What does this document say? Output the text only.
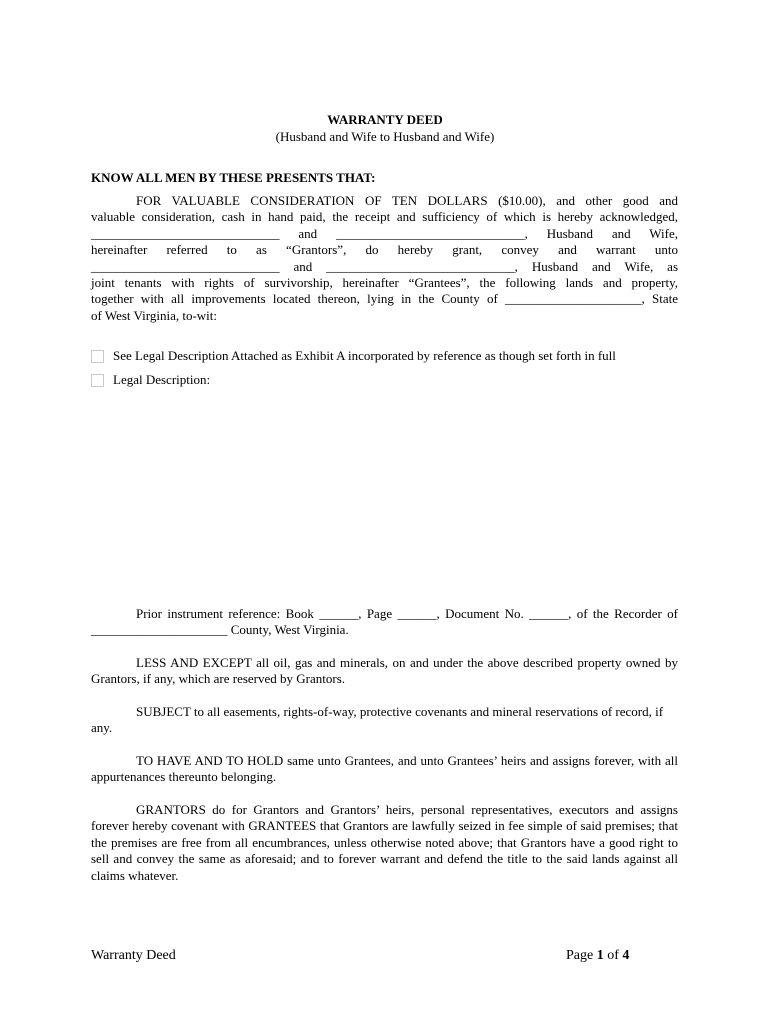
WARRANTY DEED
(Husband and Wife to Husband and Wife)
KNOW ALL MEN BY THESE PRESENTS THAT:
FOR VALUABLE CONSIDERATION OF TEN DOLLARS ($10.00), and other good and
valuable consideration, cash in hand paid, the receipt and sufficiency of which is hereby acknowledged,
_____________________________ and _____________________________, Husband and Wife,
hereinafter referred to as “Grantors”, do hereby grant, convey and warrant unto
_____________________________ and _____________________________, Husband and Wife, as
joint tenants with rights of survivorship, hereinafter “Grantees”, the following lands and property,
together with all improvements located thereon, lying in the County of _____________________, State
of West Virginia, to-wit:
See Legal Description Attached as Exhibit A incorporated by reference as though set forth in full
Legal Description:
Prior instrument reference: Book ______, Page ______, Document No. ______, of the Recorder of _____________________ County, West Virginia.
LESS AND EXCEPT all oil, gas and minerals, on and under the above described property owned by Grantors, if any, which are reserved by Grantors.
SUBJECT to all easements, rights-of-way, protective covenants and mineral reservations of record, if any.
TO HAVE AND TO HOLD same unto Grantees, and unto Grantees’ heirs and assigns forever, with all appurtenances thereunto belonging.
GRANTORS do for Grantors and Grantors’ heirs, personal representatives, executors and assigns forever hereby covenant with GRANTEES that Grantors are lawfully seized in fee simple of said premises; that the premises are free from all encumbrances, unless otherwise noted above; that Grantors have a good right to sell and convey the same as aforesaid; and to forever warrant and defend the title to the said lands against all claims whatever.
Warranty Deed	Page 1 of 4
